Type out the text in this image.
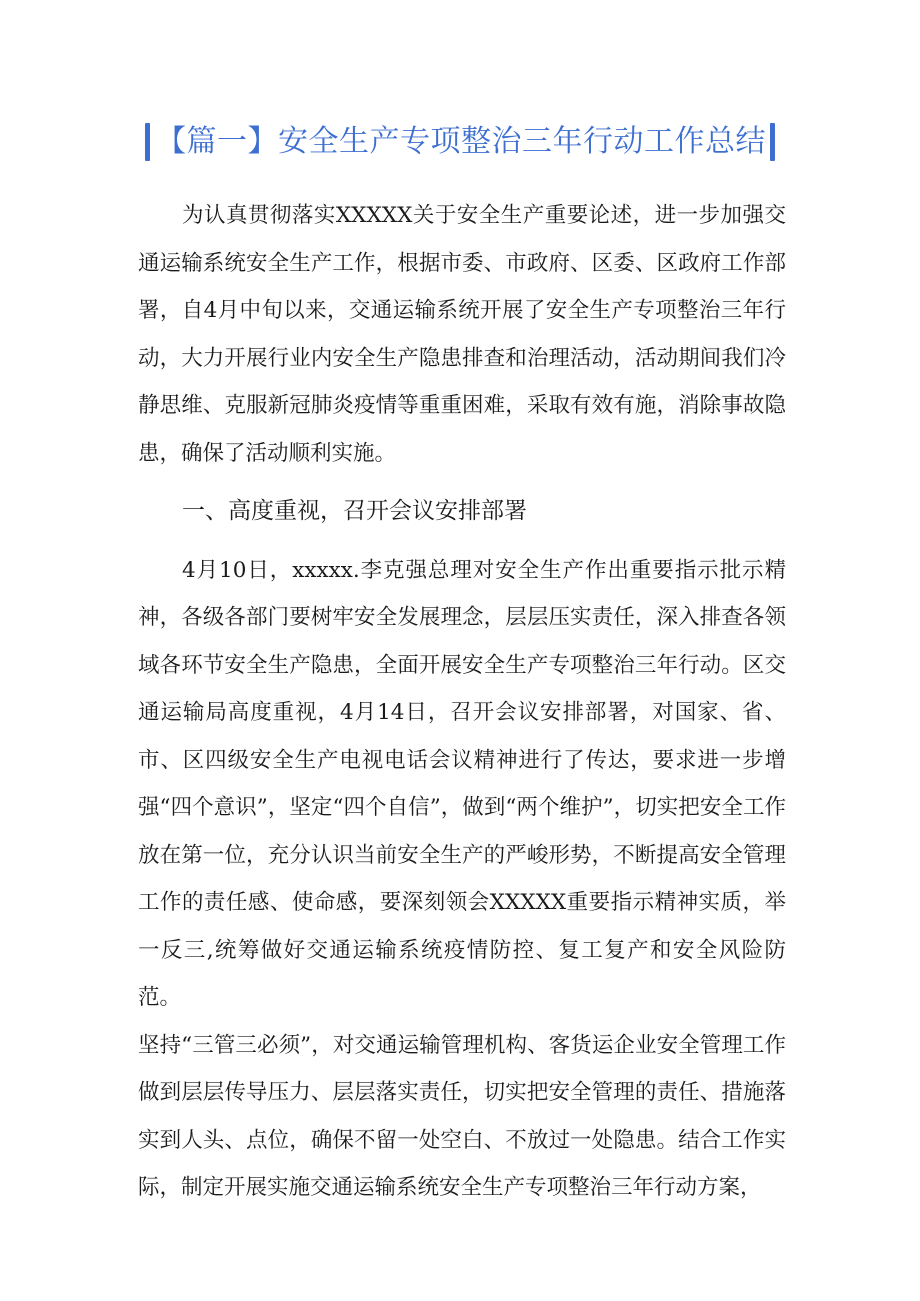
【篇一】安全生产专项整治三年行动工作总结

为认真贯彻落实XXXXX关于安全生产重要论述，进一步加强交通运输系统安全生产工作，根据市委、市政府、区委、区政府工作部署，自4月中旬以来，交通运输系统开展了安全生产专项整治三年行动，大力开展行业内安全生产隐患排查和治理活动，活动期间我们冷静思维、克服新冠肺炎疫情等重重困难，采取有效有施，消除事故隐患，确保了活动顺利实施。

一、高度重视，召开会议安排部署

4月10日，xxxxx.李克强总理对安全生产作出重要指示批示精神，各级各部门要树牢安全发展理念，层层压实责任，深入排查各领域各环节安全生产隐患，全面开展安全生产专项整治三年行动。区交通运输局高度重视，4月14日，召开会议安排部署，对国家、省、市、区四级安全生产电视电话会议精神进行了传达，要求进一步增强“四个意识”，坚定“四个自信”，做到“两个维护”，切实把安全工作放在第一位，充分认识当前安全生产的严峻形势，不断提高安全管理工作的责任感、使命感，要深刻领会XXXXX重要指示精神实质，举一反三,统筹做好交通运输系统疫情防控、复工复产和安全风险防范。

坚持“三管三必须”，对交通运输管理机构、客货运企业安全管理工作做到层层传导压力、层层落实责任，切实把安全管理的责任、措施落实到人头、点位，确保不留一处空白、不放过一处隐患。结合工作实际，制定开展实施交通运输系统安全生产专项整治三年行动方案，
